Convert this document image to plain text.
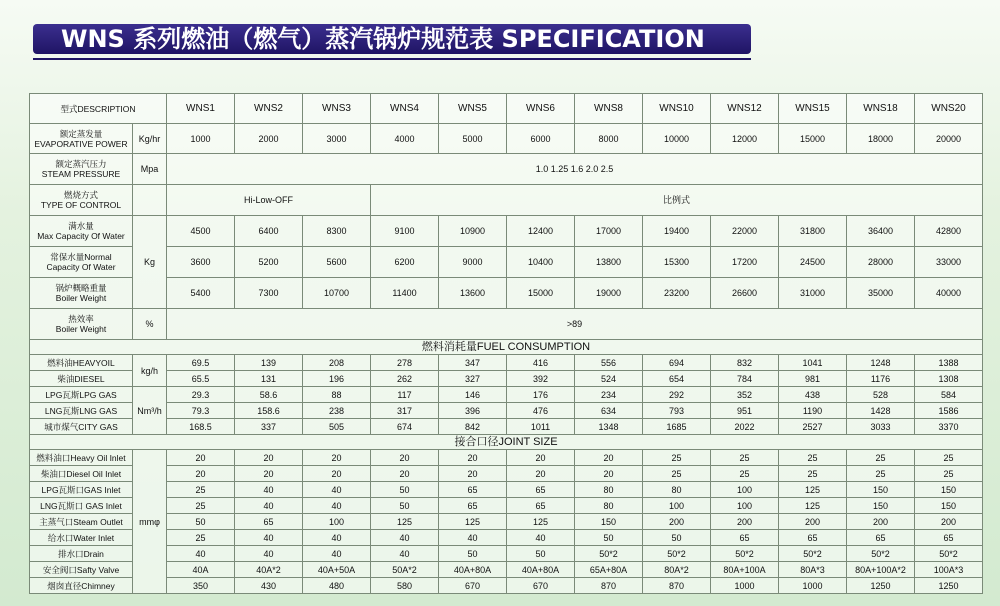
WNS 系列燃油（燃气）蒸汽锅炉规范表 SPECIFICATION
型式DESCRIPTION		WNS1	WNS2	WNS3	WNS4	WNS5	WNS6	WNS8	WNS10	WNS12	WNS15	WNS18	WNS20

额定蒸发量
EVAPORATIVE POWER	Kg/hr	1000	2000	3000	4000	5000	6000	8000	10000	12000	15000	18000	20000

额定蒸汽压力
STEAM PRESSURE	Mpa	1.0 1.25 1.6 2.0 2.5											

燃烧方式
TYPE OF CONTROL		Hi-Low-OFF			比例式								

满水量
Max Capacity Of Water	Kg	4500	6400	8300	9100	10900	12400	17000	19400	22000	31800	36400	42800

常保水量Normal
Capacity Of Water		3600	5200	5600	6200	9000	10400	13800	15300	17200	24500	28000	33000

锅炉概略重量
Boiler Weight		5400	7300	10700	11400	13600	15000	19000	23200	26600	31000	35000	40000

热效率
Boiler Weight	%	>89											
燃料消耗量FUEL CONSUMPTION													
燃料油HEAVYOIL	kg/h	69.5	139	208	278	347	416	556	694	832	1041	1248	1388
柴油DIESEL		65.5	131	196	262	327	392	524	654	784	981	1176	1308
LPG瓦斯LPG GAS	Nm³/h	29.3	58.6	88	117	146	176	234	292	352	438	528	584
LNG瓦斯LNG GAS		79.3	158.6	238	317	396	476	634	793	951	1190	1428	1586
城市煤气CITY GAS		168.5	337	505	674	842	1011	1348	1685	2022	2527	3033	3370
接合口径JOINT SIZE													
燃料油口Heavy Oil Inlet	mmφ	20	20	20	20	20	20	20	25	25	25	25	25
柴油口Diesel Oil Inlet		20	20	20	20	20	20	20	25	25	25	25	25
LPG瓦斯口GAS Inlet		25	40	40	50	65	65	80	80	100	125	150	150
LNG瓦斯口 GAS Inlet		25	40	40	50	65	65	80	100	100	125	150	150
主蒸气口Steam Outlet		50	65	100	125	125	125	150	200	200	200	200	200
给水口Water Inlet		25	40	40	40	40	40	50	50	65	65	65	65
排水口Drain		40	40	40	40	50	50	50*2	50*2	50*2	50*2	50*2	50*2
安全阀口Safty Valve		40A	40A*2	40A+50A	50A*2	40A+80A	40A+80A	65A+80A	80A*2	80A+100A	80A*3	80A+100A*2	100A*3
烟囱直径Chimney		350	430	480	580	670	670	870	870	1000	1000	1250	1250
